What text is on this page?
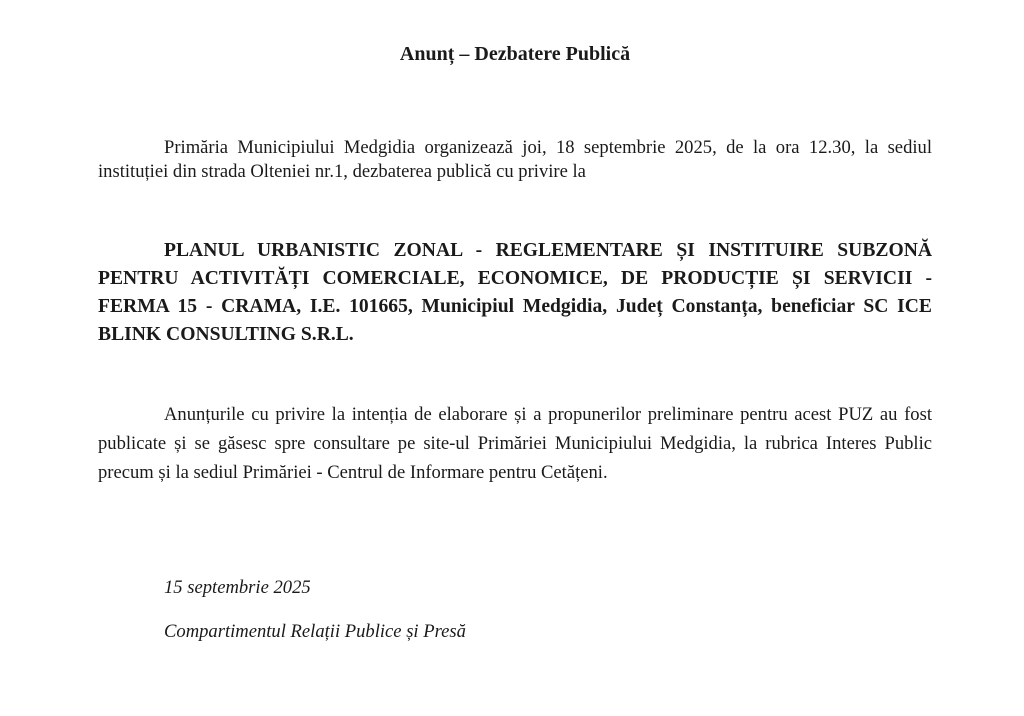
Anunț – Dezbatere Publică

Primăria Municipiului Medgidia organizează joi, 18 septembrie 2025, de la ora 12.30, la sediul instituției din strada Olteniei nr.1, dezbaterea publică cu privire la

PLANUL URBANISTIC ZONAL - REGLEMENTARE ȘI INSTITUIRE SUBZONĂ PENTRU ACTIVITĂȚI COMERCIALE, ECONOMICE, DE PRODUCȚIE ȘI SERVICII - FERMA 15 - CRAMA, I.E. 101665, Municipiul Medgidia, Județ Constanța, beneficiar SC ICE BLINK CONSULTING S.R.L.

Anunțurile cu privire la intenția de elaborare și a propunerilor preliminare pentru acest PUZ au fost publicate și se găsesc spre consultare pe site-ul Primăriei Municipiului Medgidia, la rubrica Interes Public precum și la sediul Primăriei - Centrul de Informare pentru Cetățeni.

15 septembrie 2025

Compartimentul Relații Publice și Presă
